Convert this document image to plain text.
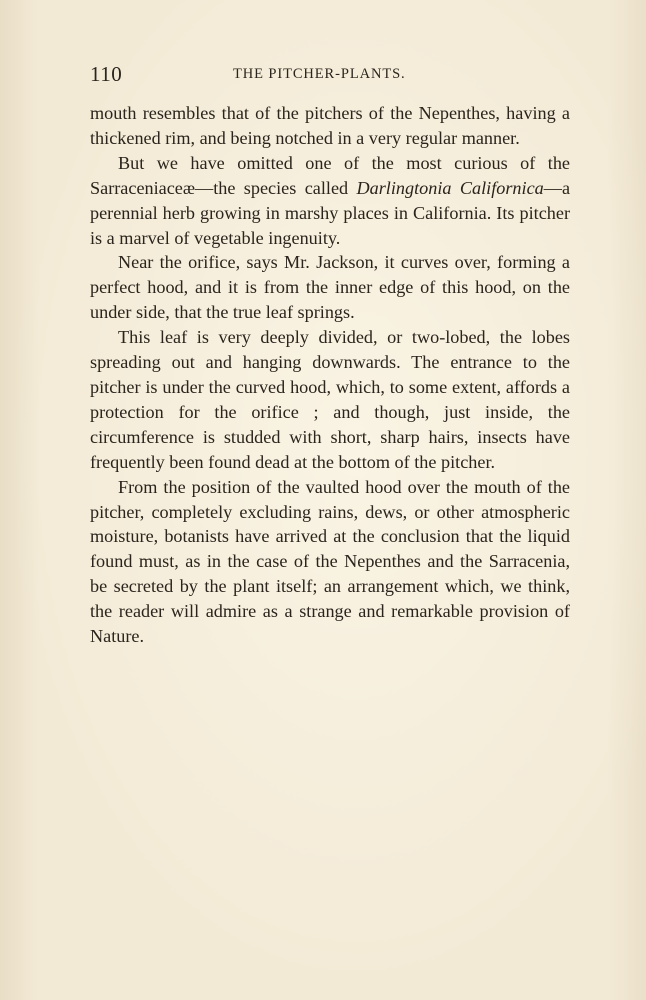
110	THE PITCHER-PLANTS.

mouth resembles that of the pitchers of the Nepenthes, having a thickened rim, and being notched in a very regular manner.

But we have omitted one of the most curious of the Sarraceniaceæ—the species called Darlingtonia Californica—a perennial herb growing in marshy places in California. Its pitcher is a marvel of vegetable ingenuity.

Near the orifice, says Mr. Jackson, it curves over, forming a perfect hood, and it is from the inner edge of this hood, on the under side, that the true leaf springs.

This leaf is very deeply divided, or two-lobed, the lobes spreading out and hanging downwards. The entrance to the pitcher is under the curved hood, which, to some extent, affords a protection for the orifice ; and though, just inside, the circumference is studded with short, sharp hairs, insects have frequently been found dead at the bottom of the pitcher.

From the position of the vaulted hood over the mouth of the pitcher, completely excluding rains, dews, or other atmospheric moisture, botanists have arrived at the conclusion that the liquid found must, as in the case of the Nepenthes and the Sarracenia, be secreted by the plant itself; an arrangement which, we think, the reader will admire as a strange and remarkable provision of Nature.
